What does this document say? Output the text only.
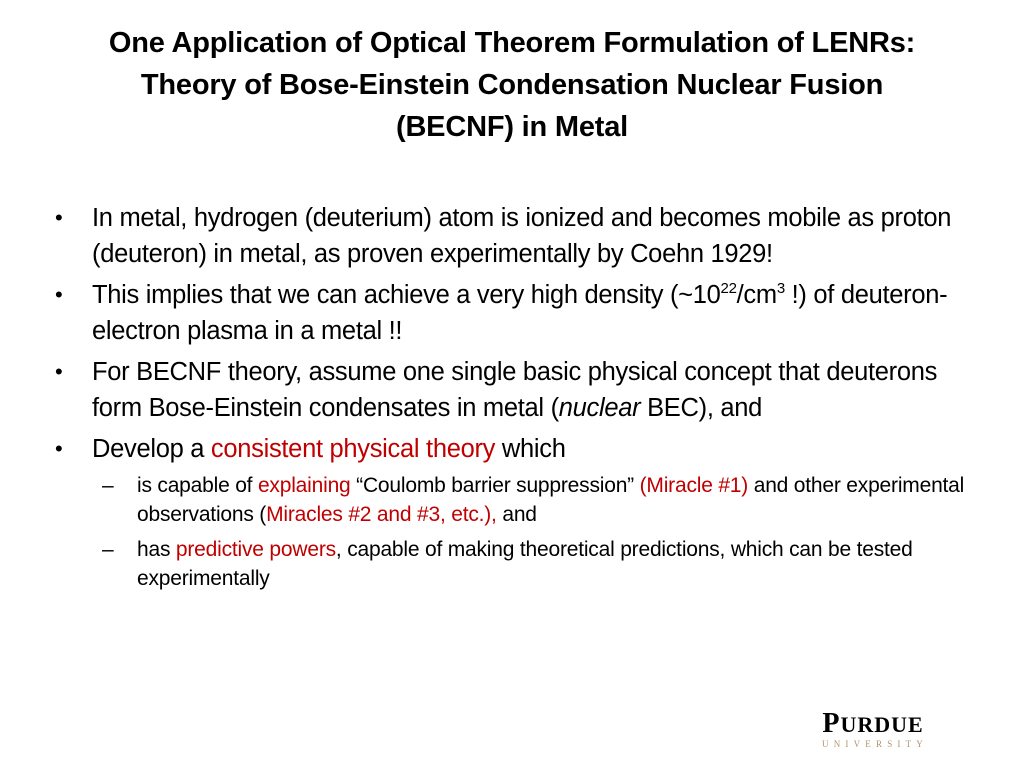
One Application of Optical Theorem Formulation of LENRs:
Theory of Bose-Einstein Condensation Nuclear Fusion
(BECNF) in Metal
•	In metal, hydrogen (deuterium) atom is ionized and becomes mobile as proton (deuteron) in metal, as proven experimentally by Coehn 1929!
•	This implies that we can achieve a very high density ($\sim 10^{22}/cm^3$ !) of deuteron-electron plasma in a metal !!
•	For BECNF theory, assume one single basic physical concept that deuterons form Bose-Einstein condensates in metal (nuclear BEC), and
•	Develop a consistent physical theory which
– is capable of explaining “Coulomb barrier suppression” (Miracle #1) and other experimental observations (Miracles #2 and #3, etc.), and
– has predictive powers, capable of making theoretical predictions, which can be tested experimentally
PURDUE
UNIVERSITY
